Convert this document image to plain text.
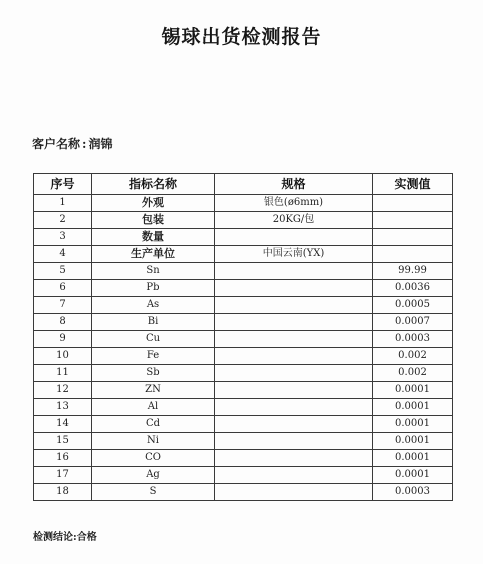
锡球出货检测报告
客户名称 : 润锦
序号	指标名称	规格	实测值
1	外观	银色(ø6mm)	
2	包装	20KG/包	
3	数量		
4	生产单位	中国云南(YX)	
5	Sn		99.99
6	Pb		0.0036
7	As		0.0005
8	Bi		0.0007
9	Cu		0.0003
10	Fe		0.002
11	Sb		0.002
12	ZN		0.0001
13	Al		0.0001
14	Cd		0.0001
15	Ni		0.0001
16	CO		0.0001
17	Ag		0.0001
18	S		0.0003
检测结论:合格
